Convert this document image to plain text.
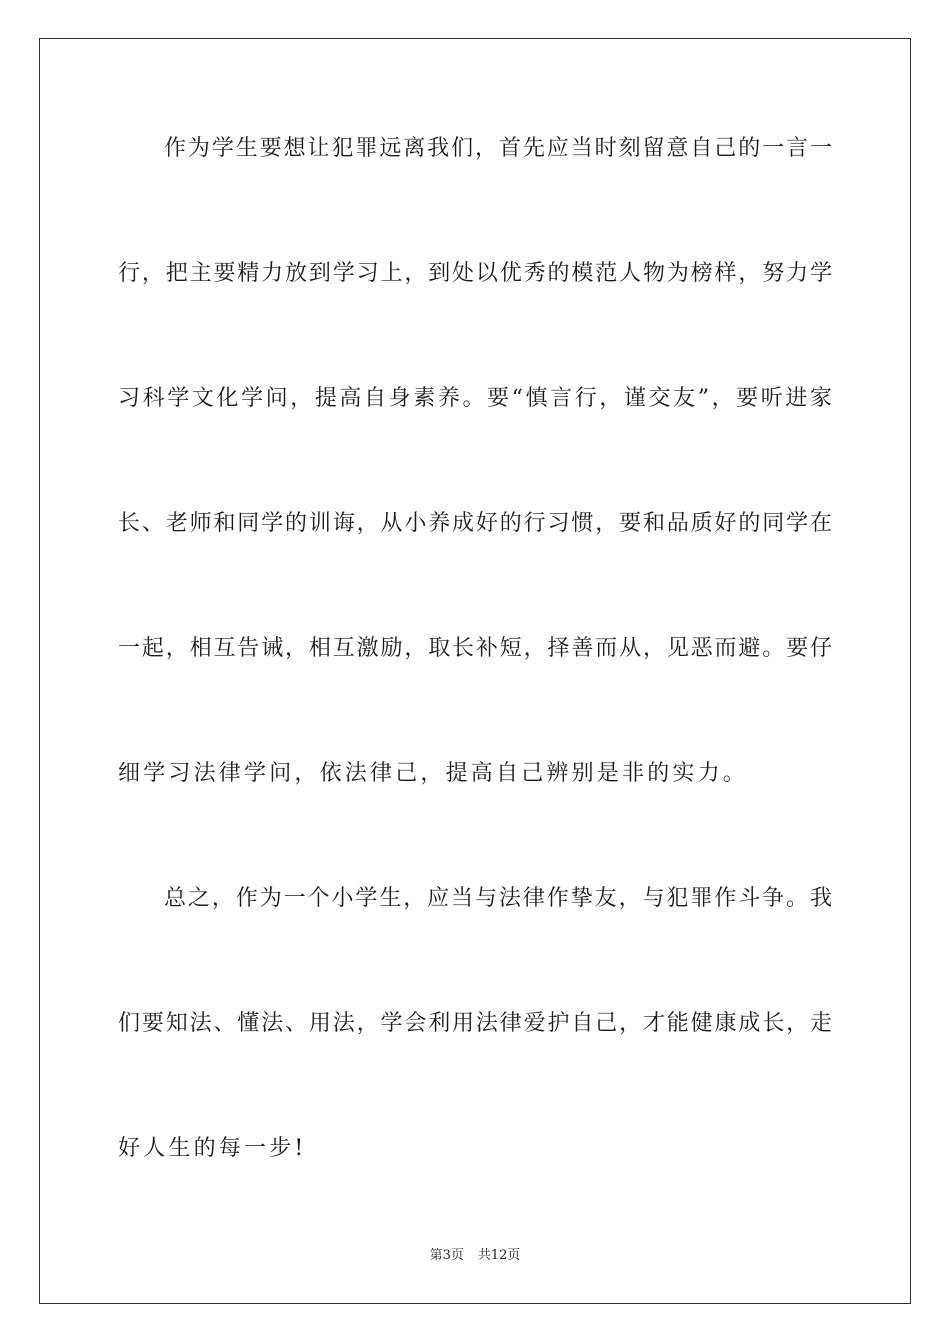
作为学生要想让犯罪远离我们，首先应当时刻留意自己的一言一
行，把主要精力放到学习上，到处以优秀的模范人物为榜样，努力学
习科学文化学问，提高自身素养。要“慎言行，谨交友”，要听进家
长、老师和同学的训诲，从小养成好的行习惯，要和品质好的同学在
一起，相互告诫，相互激励，取长补短，择善而从，见恶而避。要仔
细学习法律学问，依法律己，提高自己辨别是非的实力。
总之，作为一个小学生，应当与法律作挚友，与犯罪作斗争。我
们要知法、懂法、用法，学会利用法律爱护自己，才能健康成长，走
好人生的每一步!
第3页 共12页
